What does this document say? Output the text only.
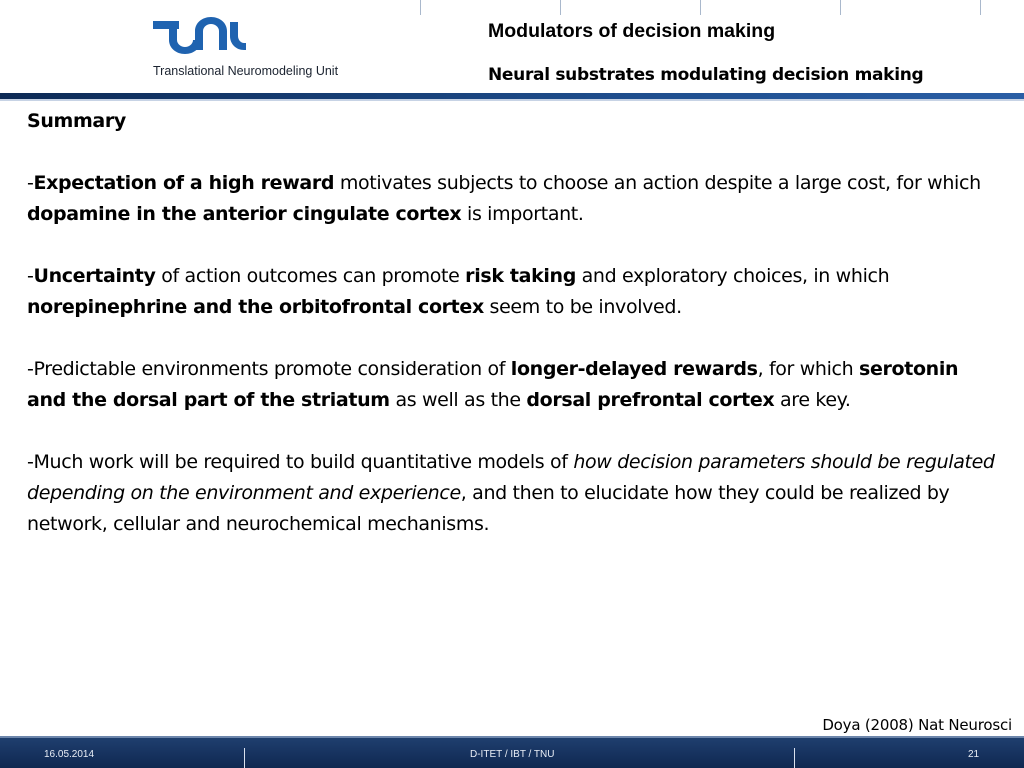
Translational Neuromodeling Unit
Modulators of decision making
Neural substrates modulating decision making

Summary

-Expectation of a high reward motivates subjects to choose an action despite a large cost, for which dopamine in the anterior cingulate cortex is important.

-Uncertainty of action outcomes can promote risk taking and exploratory choices, in which norepinephrine and the orbitofrontal cortex seem to be involved.

-Predictable environments promote consideration of longer-delayed rewards, for which serotonin and the dorsal part of the striatum as well as the dorsal prefrontal cortex are key.

-Much work will be required to build quantitative models of how decision parameters should be regulated depending on the environment and experience, and then to elucidate how they could be realized by network, cellular and neurochemical mechanisms.

Doya (2008) Nat Neurosci
16.05.2014	D-ITET / IBT / TNU	21
